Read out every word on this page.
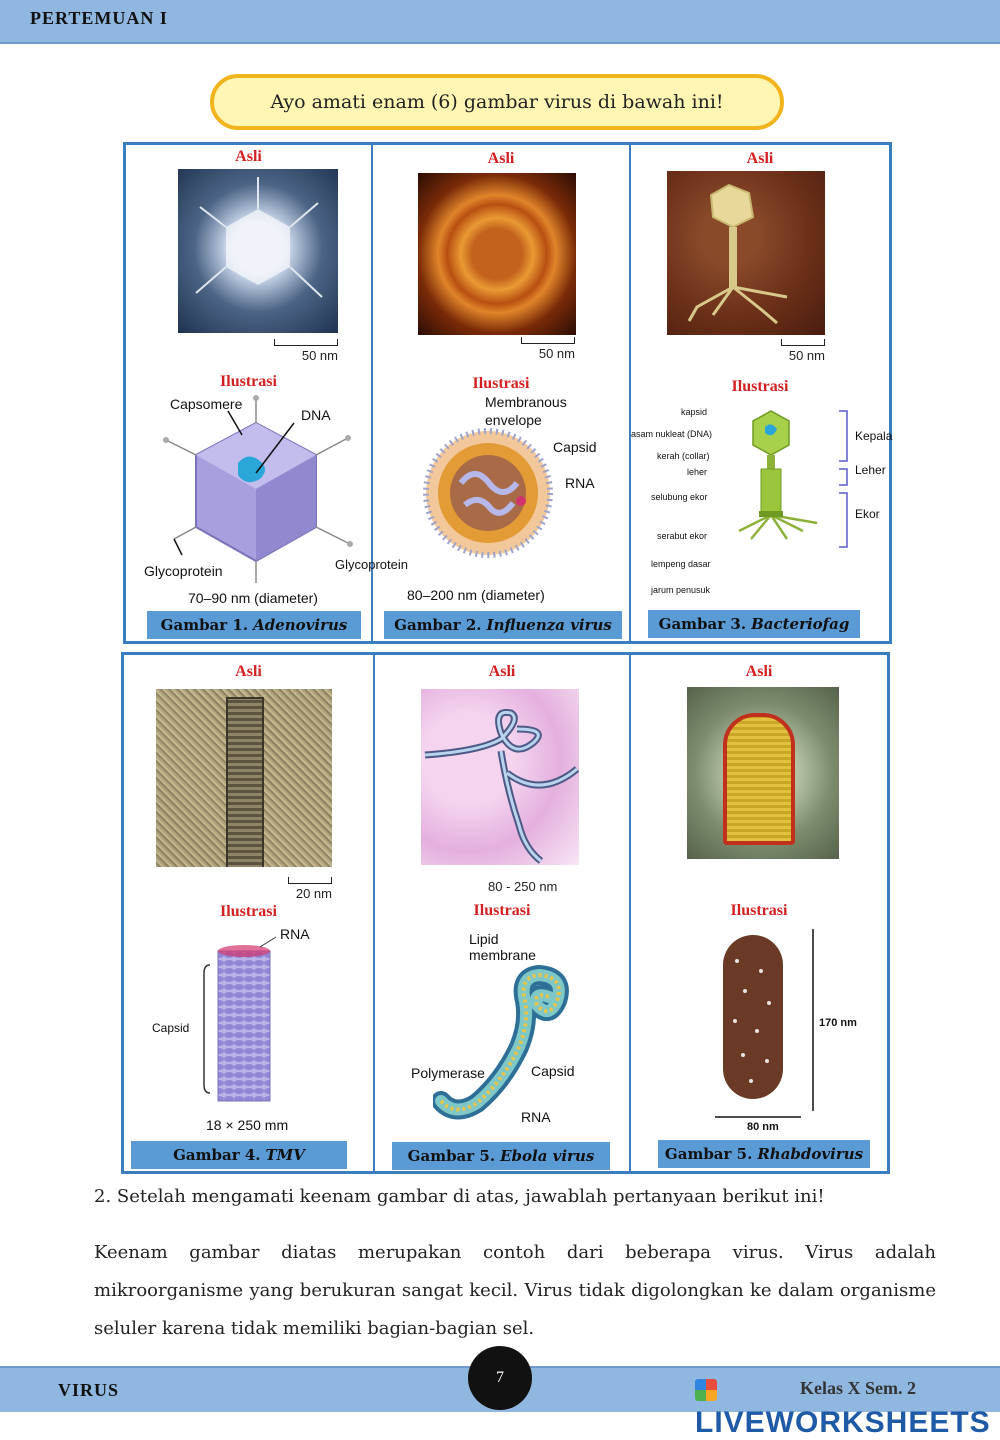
PERTEMUAN I
Ayo amati enam (6) gambar virus di bawah ini!
Asli
50 nm
Ilustrasi
Capsomere
DNA
Glycoprotein
70–90 nm (diameter)
Gambar 1. Adenovirus
Asli
50 nm
Ilustrasi
Membranous envelope
Capsid
RNA
Glycoprotein
80–200 nm (diameter)
Gambar 2. Influenza virus
Asli
50 nm
Ilustrasi
kapsid
asam nukleat (DNA)
kerah (collar)
leher
selubung ekor
serabut ekor
lempeng dasar
jarum penusuk
Kepala
Leher
Ekor
Gambar 3. Bacteriofag
Asli
20 nm
Ilustrasi
RNA
Capsid
18 × 250 mm
Gambar 4. TMV
Asli
80 - 250 nm
Ilustrasi
Lipid membrane
Polymerase	Capsid
RNA
Gambar 5. Ebola virus
Asli
Ilustrasi
170 nm
80 nm
Gambar 5. Rhabdovirus
2. Setelah mengamati keenam gambar di atas, jawablah pertanyaan berikut ini!
Keenam gambar diatas merupakan contoh dari beberapa virus. Virus adalah mikroorganisme yang berukuran sangat kecil. Virus tidak digolongkan ke dalam organisme seluler karena tidak memiliki bagian-bagian sel.
VIRUS	Kelas X Sem. 2
LIVEWORKSHEETS
7
